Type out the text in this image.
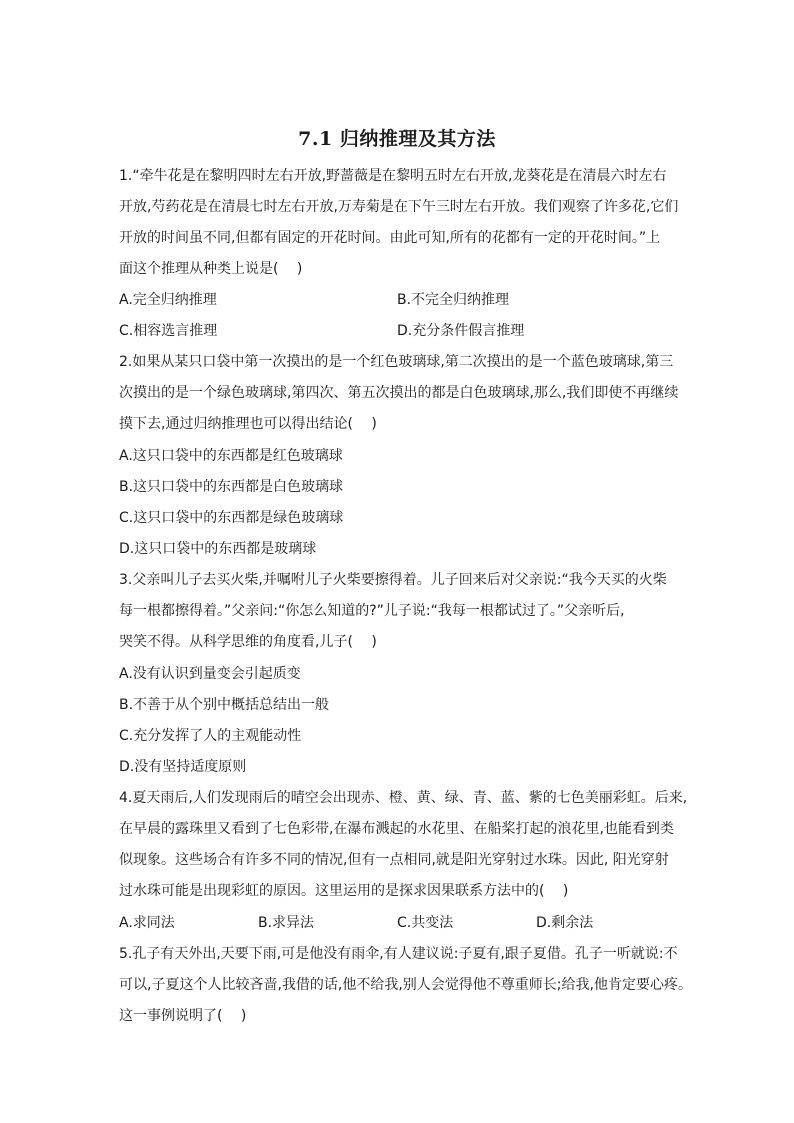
7.1 归纳推理及其方法
1.“牵牛花是在黎明四时左右开放,野蔷薇是在黎明五时左右开放,龙葵花是在清晨六时左右
开放,芍药花是在清晨七时左右开放,万寿菊是在下午三时左右开放。我们观察了许多花,它们
开放的时间虽不同,但都有固定的开花时间。由此可知,所有的花都有一定的开花时间。”上
面这个推理从种类上说是(　 )
A.完全归纳推理	B.不完全归纳推理
C.相容选言推理	D.充分条件假言推理
2.如果从某只口袋中第一次摸出的是一个红色玻璃球,第二次摸出的是一个蓝色玻璃球,第三
次摸出的是一个绿色玻璃球,第四次、第五次摸出的都是白色玻璃球,那么,我们即使不再继续
摸下去,通过归纳推理也可以得出结论(　 )
A.这只口袋中的东西都是红色玻璃球
B.这只口袋中的东西都是白色玻璃球
C.这只口袋中的东西都是绿色玻璃球
D.这只口袋中的东西都是玻璃球
3.父亲叫儿子去买火柴,并嘱咐儿子火柴要擦得着。儿子回来后对父亲说:“我今天买的火柴
每一根都擦得着。”父亲问:“你怎么知道的?”儿子说:“我每一根都试过了。”父亲听后,
哭笑不得。从科学思维的角度看,儿子(　 )
A.没有认识到量变会引起质变
B.不善于从个别中概括总结出一般
C.充分发挥了人的主观能动性
D.没有坚持适度原则
4.夏天雨后,人们发现雨后的晴空会出现赤、橙、黄、绿、青、蓝、紫的七色美丽彩虹。后来,
在早晨的露珠里又看到了七色彩带,在瀑布溅起的水花里、在船桨打起的浪花里,也能看到类
似现象。这些场合有许多不同的情况,但有一点相同,就是阳光穿射过水珠。因此, 阳光穿射
过水珠可能是出现彩虹的原因。这里运用的是探求因果联系方法中的(　 )
A.求同法	B.求异法	C.共变法	D.剩余法
5.孔子有天外出,天要下雨,可是他没有雨伞,有人建议说:子夏有,跟子夏借。孔子一听就说:不
可以,子夏这个人比较吝啬,我借的话,他不给我,别人会觉得他不尊重师长;给我,他肯定要心疼。
这一事例说明了(　 )
